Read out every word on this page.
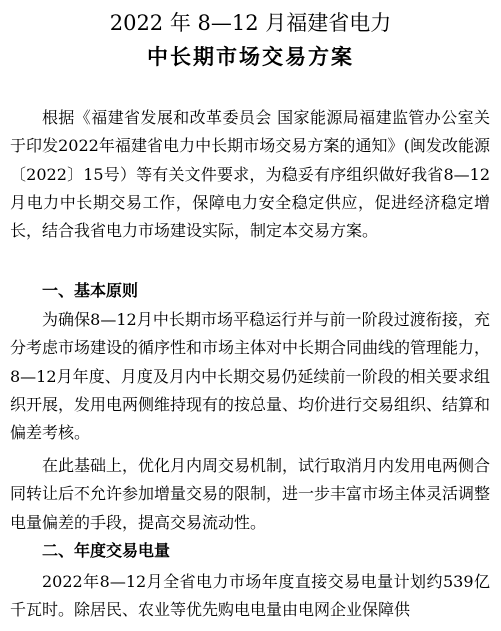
2022 年 8—12 月福建省电力
中长期市场交易方案

根据《福建省发展和改革委员会 国家能源局福建监管办公室关于印发2022年福建省电力中长期市场交易方案的通知》(闽发改能源〔2022〕15号）等有关文件要求，为稳妥有序组织做好我省8—12月电力中长期交易工作，保障电力安全稳定供应，促进经济稳定增长，结合我省电力市场建设实际，制定本交易方案。

一、基本原则

为确保8—12月中长期市场平稳运行并与前一阶段过渡衔接，充分考虑市场建设的循序性和市场主体对中长期合同曲线的管理能力，8—12月年度、月度及月内中长期交易仍延续前一阶段的相关要求组织开展，发用电两侧维持现有的按总量、均价进行交易组织、结算和偏差考核。

在此基础上，优化月内周交易机制，试行取消月内发用电两侧合同转让后不允许参加增量交易的限制，进一步丰富市场主体灵活调整电量偏差的手段，提高交易流动性。

二、年度交易电量

2022年8—12月全省电力市场年度直接交易电量计划约539亿千瓦时。除居民、农业等优先购电电量由电网企业保障供
